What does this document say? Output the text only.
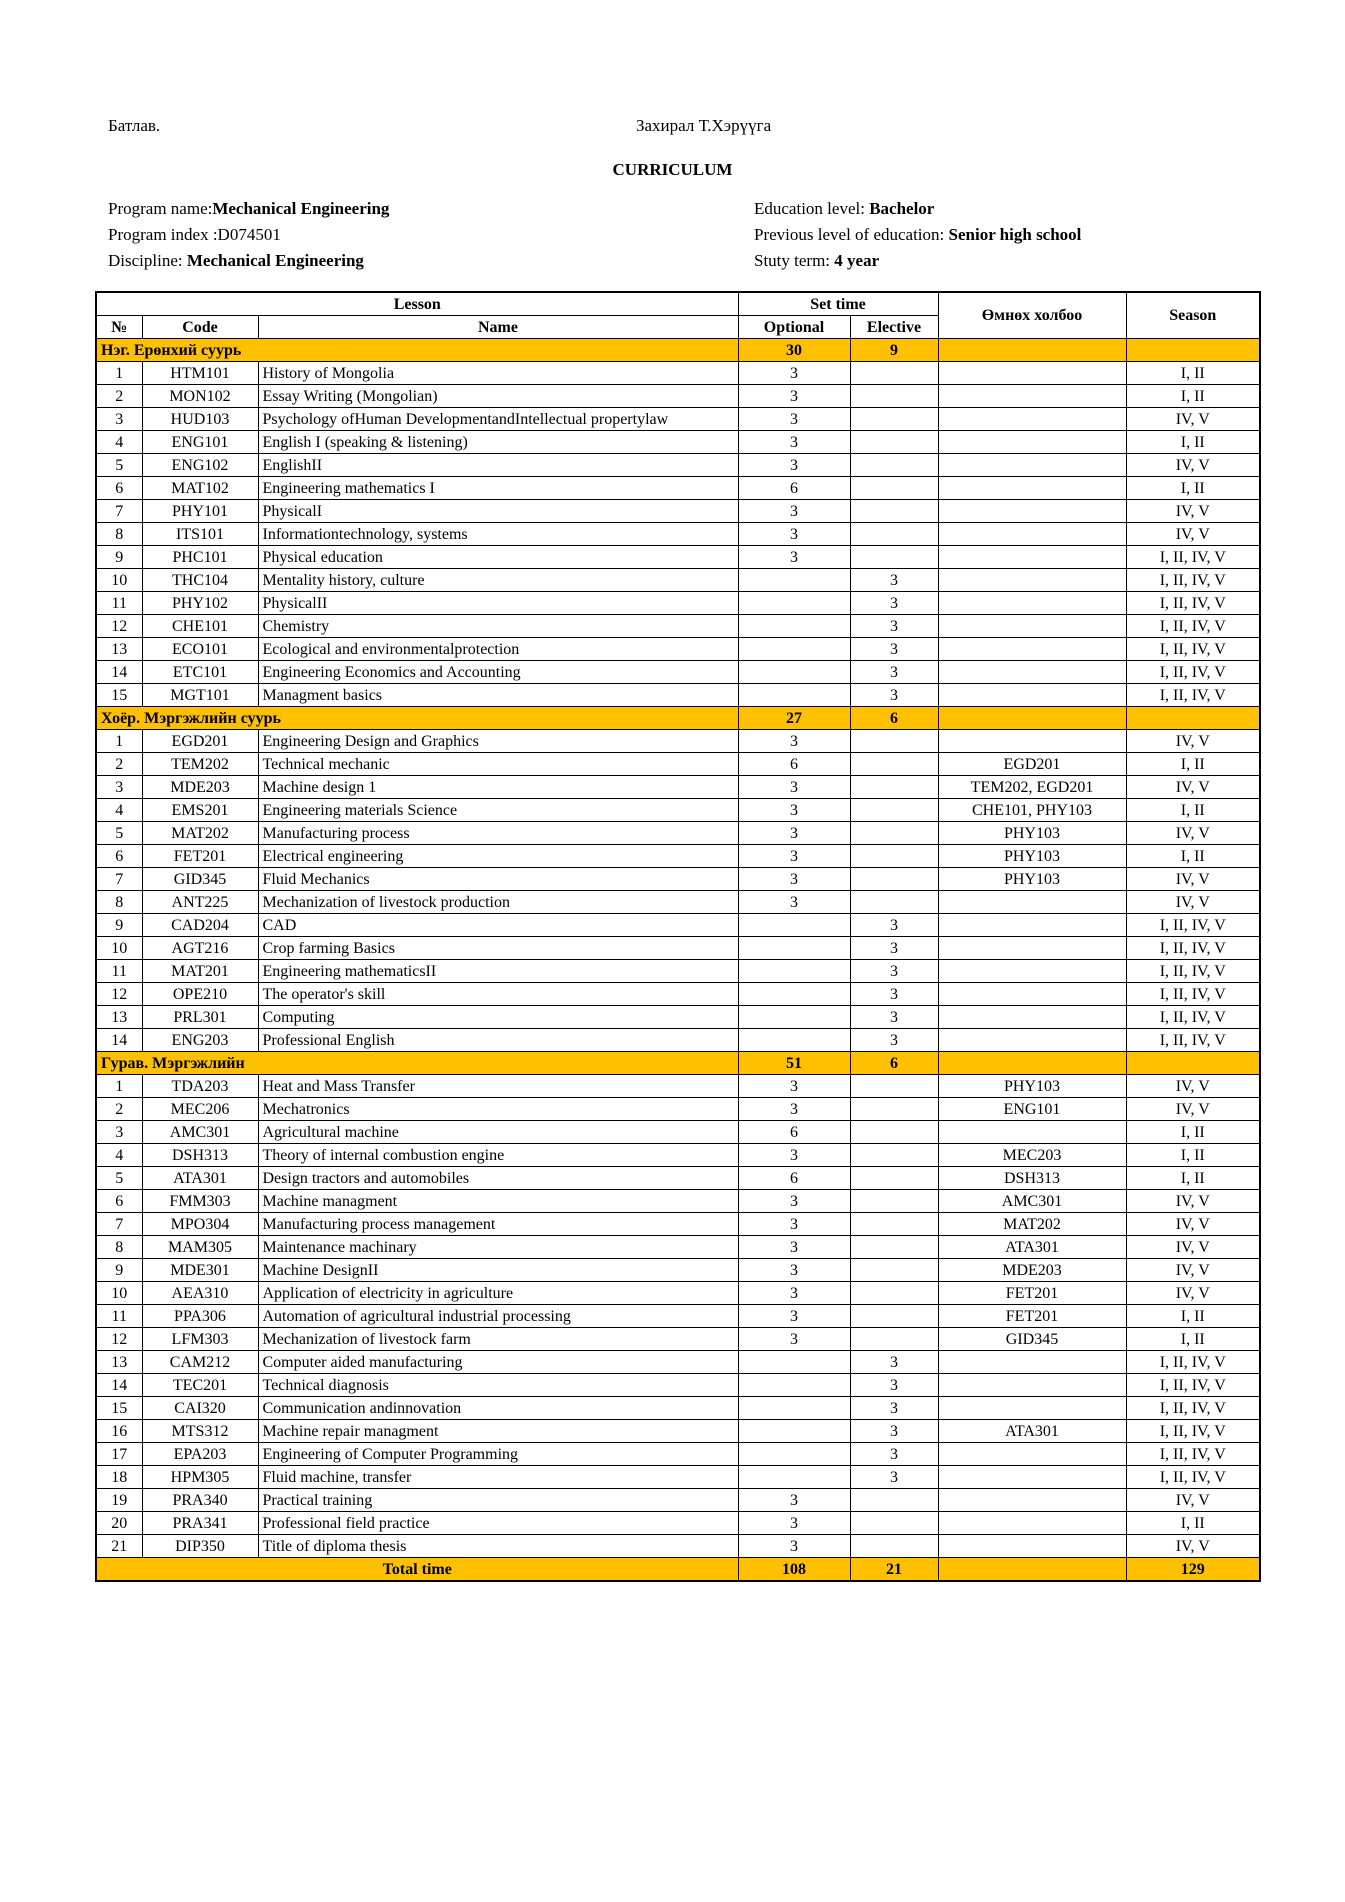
Батлав.	Захирал Т.Хэрүүга
CURRICULUM
Program name:Mechanical Engineering
Program index :D074501
Discipline: Mechanical Engineering
Education level: Bachelor
Previous level of education: Senior high school
Stuty term: 4 year
Lesson			Set time		Өмнөх холбоо	Season
№	Code	Name	Optional	Elective		
Нэг. Ерөнхий суурь			30	9		
1	HTM101	History of Mongolia	3			I, II
2	MON102	Essay Writing (Mongolian)	3			I, II
3	HUD103	Psychology ofHuman DevelopmentandIntellectual propertylaw	3			IV, V
4	ENG101	English I (speaking & listening)	3			I, II
5	ENG102	EnglishII	3			IV, V
6	MAT102	Engineering mathematics I	6			I, II
7	PHY101	PhysicalI	3			IV, V
8	ITS101	Informationtechnology, systems	3			IV, V
9	PHC101	Physical education	3			I, II, IV, V
10	THC104	Mentality history, culture		3		I, II, IV, V
11	PHY102	PhysicalII		3		I, II, IV, V
12	CHE101	Chemistry		3		I, II, IV, V
13	ECO101	Ecological and environmentalprotection		3		I, II, IV, V
14	ETC101	Engineering Economics and Accounting		3		I, II, IV, V
15	MGT101	Managment basics		3		I, II, IV, V
Хоёр. Мэргэжлийн суурь			27	6		
1	EGD201	Engineering Design and Graphics	3			IV, V
2	TEM202	Technical mechanic	6		EGD201	I, II
3	MDE203	Machine design 1	3		TEM202, EGD201	IV, V
4	EMS201	Engineering materials Science	3		CHE101, PHY103	I, II
5	MAT202	Manufacturing process	3		PHY103	IV, V
6	FET201	Electrical engineering	3		PHY103	I, II
7	GID345	Fluid Mechanics	3		PHY103	IV, V
8	ANT225	Mechanization of livestock production	3			IV, V
9	CAD204	CAD		3		I, II, IV, V
10	AGT216	Crop farming Basics		3		I, II, IV, V
11	MAT201	Engineering mathematicsII		3		I, II, IV, V
12	OPE210	The operator's skill		3		I, II, IV, V
13	PRL301	Computing		3		I, II, IV, V
14	ENG203	Professional English		3		I, II, IV, V
Гурав. Мэргэжлийн			51	6		
1	TDA203	Heat and Mass Transfer	3		PHY103	IV, V
2	MEC206	Mechatronics	3		ENG101	IV, V
3	AMC301	Agricultural machine	6			I, II
4	DSH313	Theory of internal combustion engine	3		MEC203	I, II
5	ATA301	Design tractors and automobiles	6		DSH313	I, II
6	FMM303	Machine managment	3		AMC301	IV, V
7	MPO304	Manufacturing process management	3		MAT202	IV, V
8	MAM305	Maintenance machinary	3		ATA301	IV, V
9	MDE301	Machine DesignII	3		MDE203	IV, V
10	AEA310	Application of electricity in agriculture	3		FET201	IV, V
11	PPA306	Automation of agricultural industrial processing	3		FET201	I, II
12	LFM303	Mechanization of livestock farm	3		GID345	I, II
13	CAM212	Computer aided manufacturing		3		I, II, IV, V
14	TEC201	Technical diagnosis		3		I, II, IV, V
15	CAI320	Communication andinnovation		3		I, II, IV, V
16	MTS312	Machine repair managment		3	ATA301	I, II, IV, V
17	EPA203	Engineering of Computer Programming		3		I, II, IV, V
18	HPM305	Fluid machine, transfer		3		I, II, IV, V
19	PRA340	Practical training	3			IV, V
20	PRA341	Professional field practice	3			I, II
21	DIP350	Title of diploma thesis	3			IV, V
Total time			108	21		129
